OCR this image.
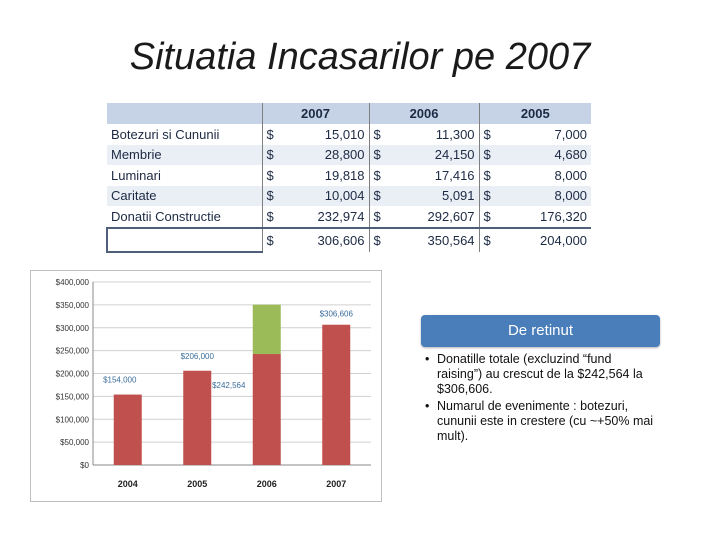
Situatia Incasarilor pe 2007
	2007		2006		2005	
Botezuri si Cununii	$	15,010	$	11,300	$	7,000
Membrie	$	28,800	$	24,150	$	4,680
Luminari	$	19,818	$	17,416	$	8,000
Caritate	$	10,004	$	5,091	$	8,000
Donatii Constructie	$	232,974	$	292,607	$	176,320
	$	306,606	$	350,564	$	204,000
$0
$50,000
$100,000
$150,000
$200,000
$250,000
$300,000
$350,000
$400,000
2004	2005	2006	2007
$154,000
$206,000
$242,564
$306,606
De retinut
• Donatille totale (excluzind “fund raising”) au crescut de la $242,564 la $306,606.
• Numarul de evenimente : botezuri, cununii este in crestere (cu ~+50% mai mult).
